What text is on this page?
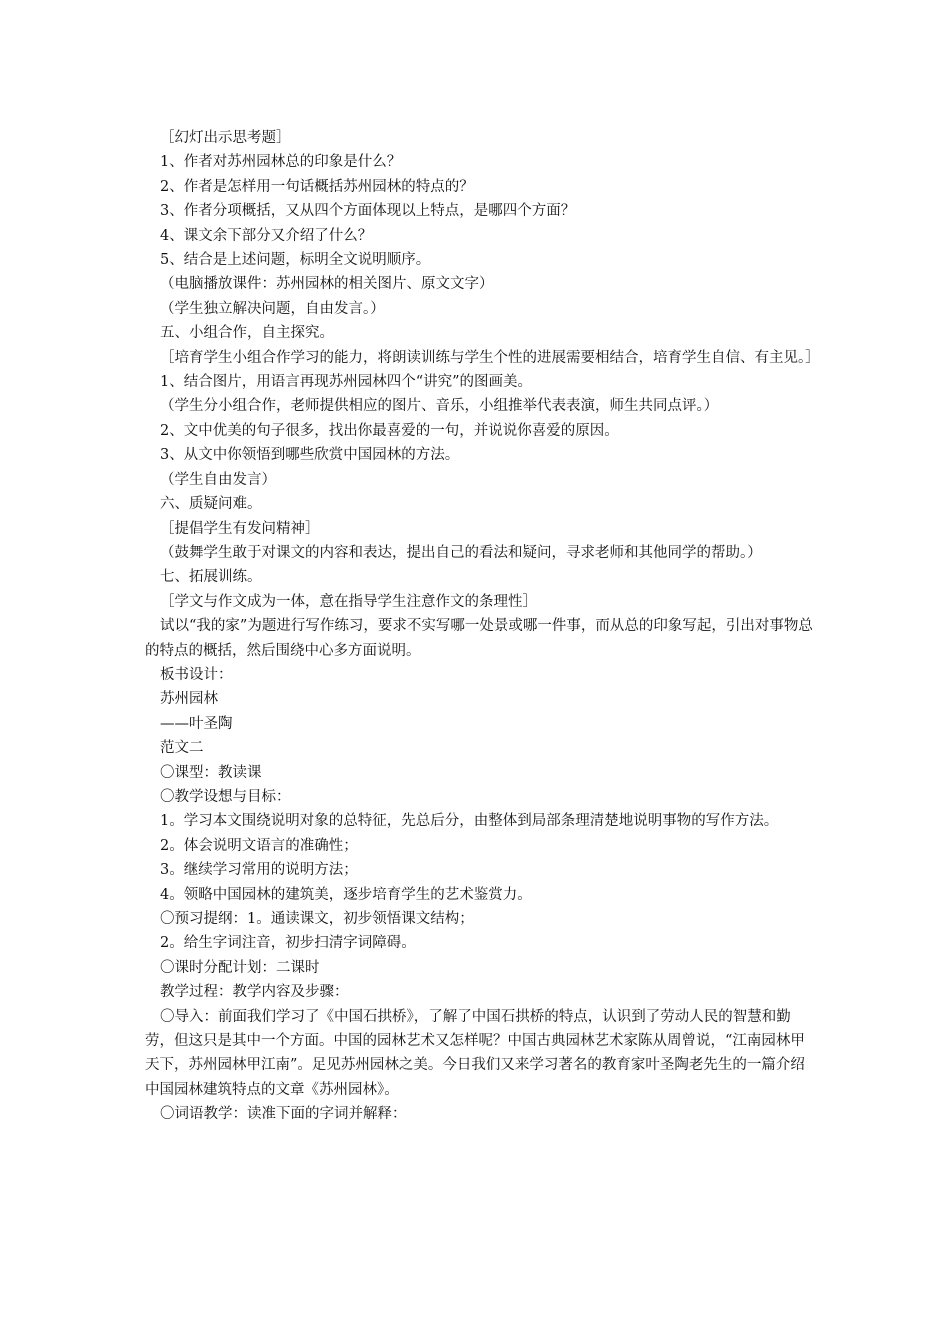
［幻灯出示思考题］

1、作者对苏州园林总的印象是什么？

2、作者是怎样用一句话概括苏州园林的特点的？

3、作者分项概括，又从四个方面体现以上特点，是哪四个方面？

4、课文余下部分又介绍了什么？

5、结合是上述问题，标明全文说明顺序。

（电脑播放课件：苏州园林的相关图片、原文文字）

（学生独立解决问题，自由发言。）

五、小组合作，自主探究。

［培育学生小组合作学习的能力，将朗读训练与学生个性的进展需要相结合，培育学生自信、有主见。］

1、结合图片，用语言再现苏州园林四个“讲究”的图画美。

（学生分小组合作，老师提供相应的图片、音乐，小组推举代表表演，师生共同点评。）

2、文中优美的句子很多，找出你最喜爱的一句，并说说你喜爱的原因。

3、从文中你领悟到哪些欣赏中国园林的方法。

（学生自由发言）

六、质疑问难。

［提倡学生有发问精神］

（鼓舞学生敢于对课文的内容和表达，提出自己的看法和疑问，寻求老师和其他同学的帮助。）

七、拓展训练。

［学文与作文成为一体，意在指导学生注意作文的条理性］

试以“我的家”为题进行写作练习，要求不实写哪一处景或哪一件事，而从总的印象写起，引出对事物总的特点的概括，然后围绕中心多方面说明。

板书设计：

苏州园林

——叶圣陶

范文二

〇课型：教读课

〇教学设想与目标：

1。学习本文围绕说明对象的总特征，先总后分，由整体到局部条理清楚地说明事物的写作方法。

2。体会说明文语言的准确性；

3。继续学习常用的说明方法；

4。领略中国园林的建筑美，逐步培育学生的艺术鉴赏力。

〇预习提纲：1。通读课文，初步领悟课文结构；

2。给生字词注音，初步扫清字词障碍。

〇课时分配计划：二课时

教学过程：教学内容及步骤：

〇导入：前面我们学习了《中国石拱桥》，了解了中国石拱桥的特点，认识到了劳动人民的智慧和勤劳，但这只是其中一个方面。中国的园林艺术又怎样呢？中国古典园林艺术家陈从周曾说，“江南园林甲天下，苏州园林甲江南”。足见苏州园林之美。今日我们又来学习著名的教育家叶圣陶老先生的一篇介绍中国园林建筑特点的文章《苏州园林》。

〇词语教学：读准下面的字词并解释：
